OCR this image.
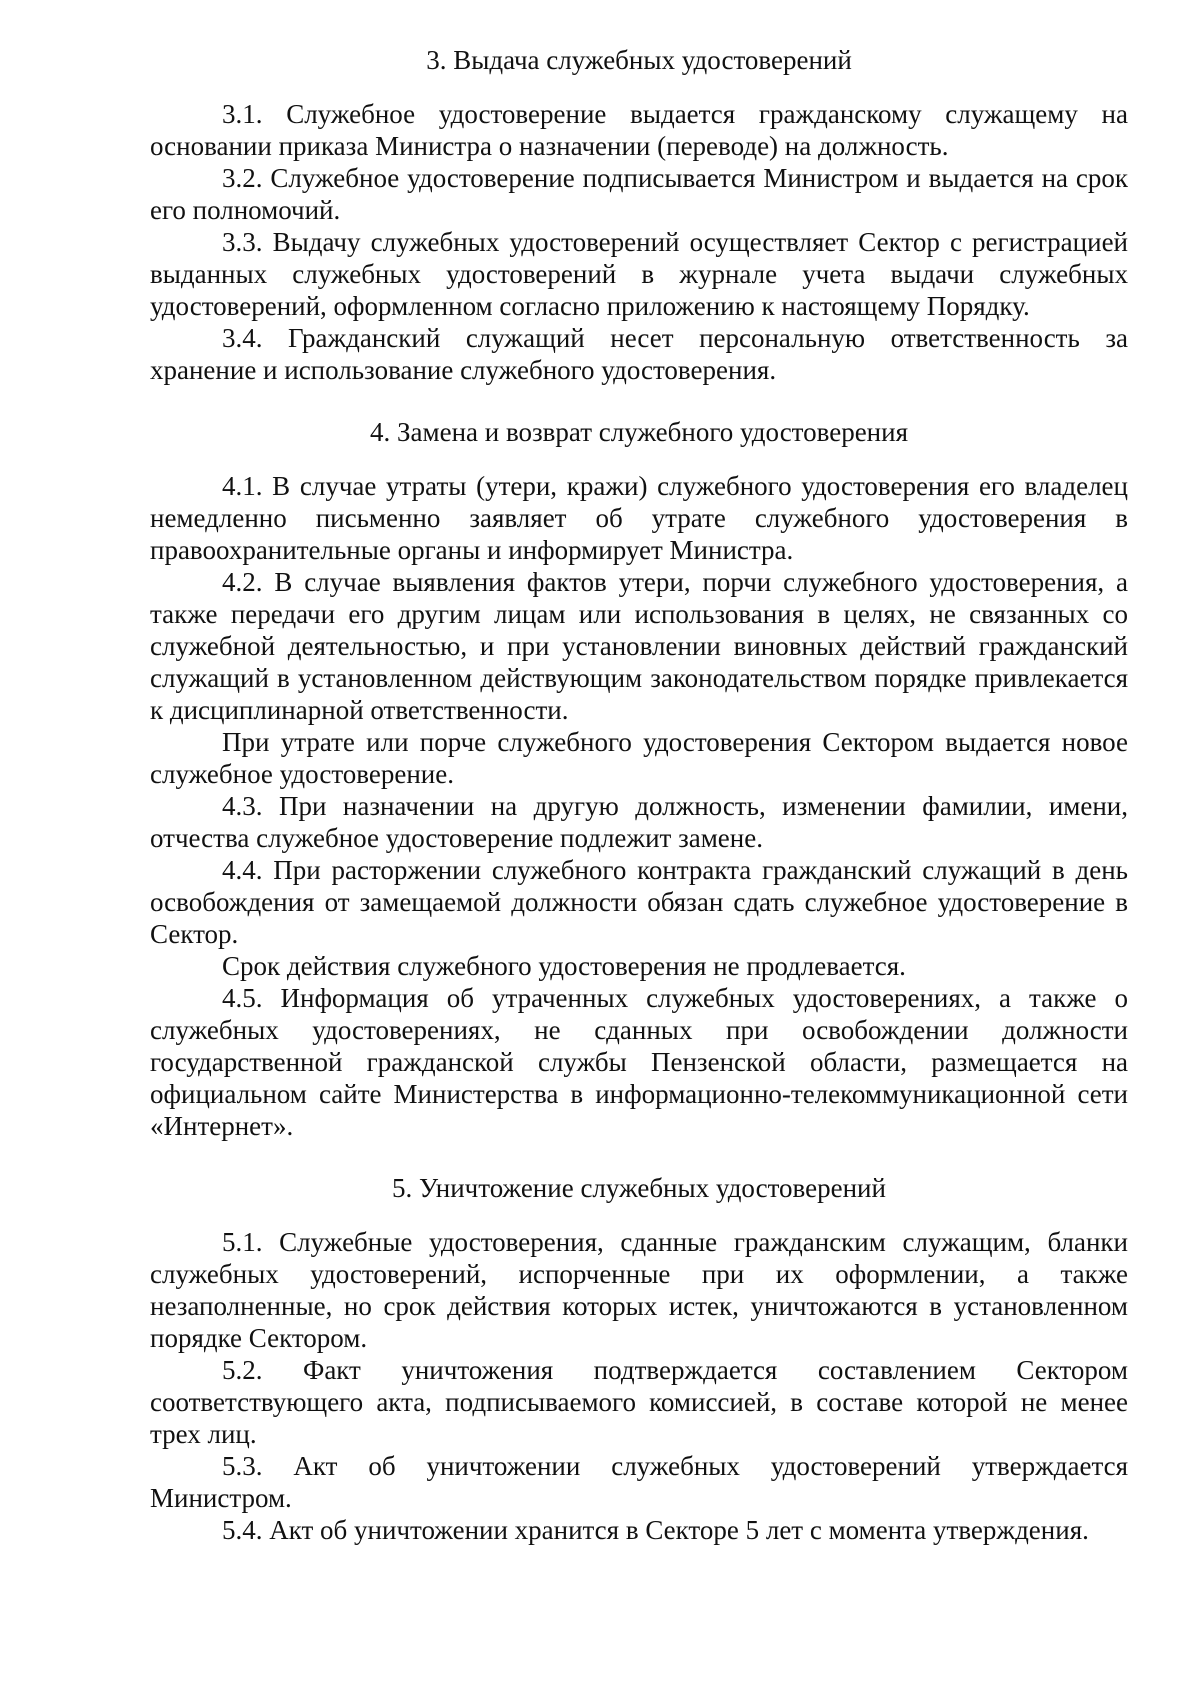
3. Выдача служебных удостоверений

3.1. Служебное удостоверение выдается гражданскому служащему на основании приказа Министра о назначении (переводе) на должность.

3.2. Служебное удостоверение подписывается Министром и выдается на срок его полномочий.

3.3. Выдачу служебных удостоверений осуществляет Сектор с регистрацией выданных служебных удостоверений в журнале учета выдачи служебных удостоверений, оформленном согласно приложению к настоящему Порядку.

3.4. Гражданский служащий несет персональную ответственность за хранение и использование служебного удостоверения.

4. Замена и возврат служебного удостоверения

4.1. В случае утраты (утери, кражи) служебного удостоверения его владелец немедленно письменно заявляет об утрате служебного удостоверения в правоохранительные органы и информирует Министра.

4.2. В случае выявления фактов утери, порчи служебного удостоверения, а также передачи его другим лицам или использования в целях, не связанных со служебной деятельностью, и при установлении виновных действий гражданский служащий в установленном действующим законодательством порядке привлекается к дисциплинарной ответственности.

При утрате или порче служебного удостоверения Сектором выдается новое служебное удостоверение.

4.3. При назначении на другую должность, изменении фамилии, имени, отчества служебное удостоверение подлежит замене.

4.4. При расторжении служебного контракта гражданский служащий в день освобождения от замещаемой должности обязан сдать служебное удостоверение в Сектор.

Срок действия служебного удостоверения не продлевается.

4.5. Информация об утраченных служебных удостоверениях, а также о служебных удостоверениях, не сданных при освобождении должности государственной гражданской службы Пензенской области, размещается на официальном сайте Министерства в информационно-телекоммуникационной сети «Интернет».

5. Уничтожение служебных удостоверений

5.1. Служебные удостоверения, сданные гражданским служащим, бланки служебных удостоверений, испорченные при их оформлении, а также незаполненные, но срок действия которых истек, уничтожаются в установленном порядке Сектором.

5.2. Факт уничтожения подтверждается составлением Сектором соответствующего акта, подписываемого комиссией, в составе которой не менее трех лиц.

5.3. Акт об уничтожении служебных удостоверений утверждается Министром.

5.4. Акт об уничтожении хранится в Секторе 5 лет с момента утверждения.
